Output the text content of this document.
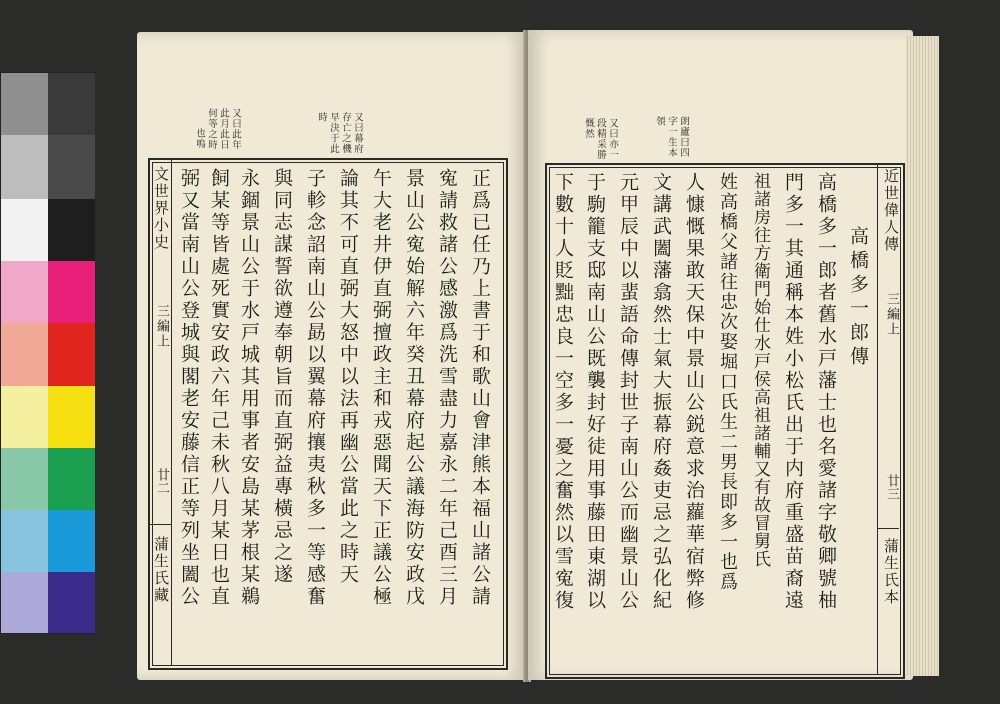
又曰此年
此月此日
何等之時
也嗚	又曰幕府
存亡之機
早決于此
時
文世界小史
三編上
廿二
蒲生氏藏	正爲已任乃上書于和歌山會津熊本福山諸公請
寃請救諸公感激爲洗雪盡力嘉永二年己酉三月
景山公寃始解六年癸丑幕府起公議海防安政戊
午大老井伊直弼擅政主和戎惡聞天下正議公極
論其不可直弼大怒中以法再幽公當此之時天
子軫念詔南山公勗以翼幕府攘夷秋多一等感奮
與同志謀誓欲遵奉朝旨而直弼益專橫忌之遂
永錮景山公于水戸城其用事者安島某茅根某鵜
飼某等皆處死實安政六年己未秋八月某日也直
弼又當南山公登城與閣老安藤信正等列坐闔公
朗廬曰四
字一生本
領
又曰亦一
段精采勝
慨然
近世偉人傳
三編上
廿三
蒲生氏本
高橋多一郎傳
高橋多一郎者舊水戸藩士也名愛諸字敬卿號柚
門多一其通稱本姓小松氏出于内府重盛苗裔遠
祖諸房往方衛門始仕水戸侯高祖諸輔又有故冒舅氏
姓高橋父諸往忠次娶堀口氏生二男長即多一也爲
人慷慨果敢天保中景山公鋭意求治蘿華宿弊修
文講武闔藩翕然士氣大振幕府姦吏忌之弘化紀
元甲辰中以蜚語命傳封世子南山公而幽景山公
于駒籠支邸南山公既襲封好徒用事藤田東湖以
下數十人貶黜忠良一空多一憂之奮然以雪寃復
